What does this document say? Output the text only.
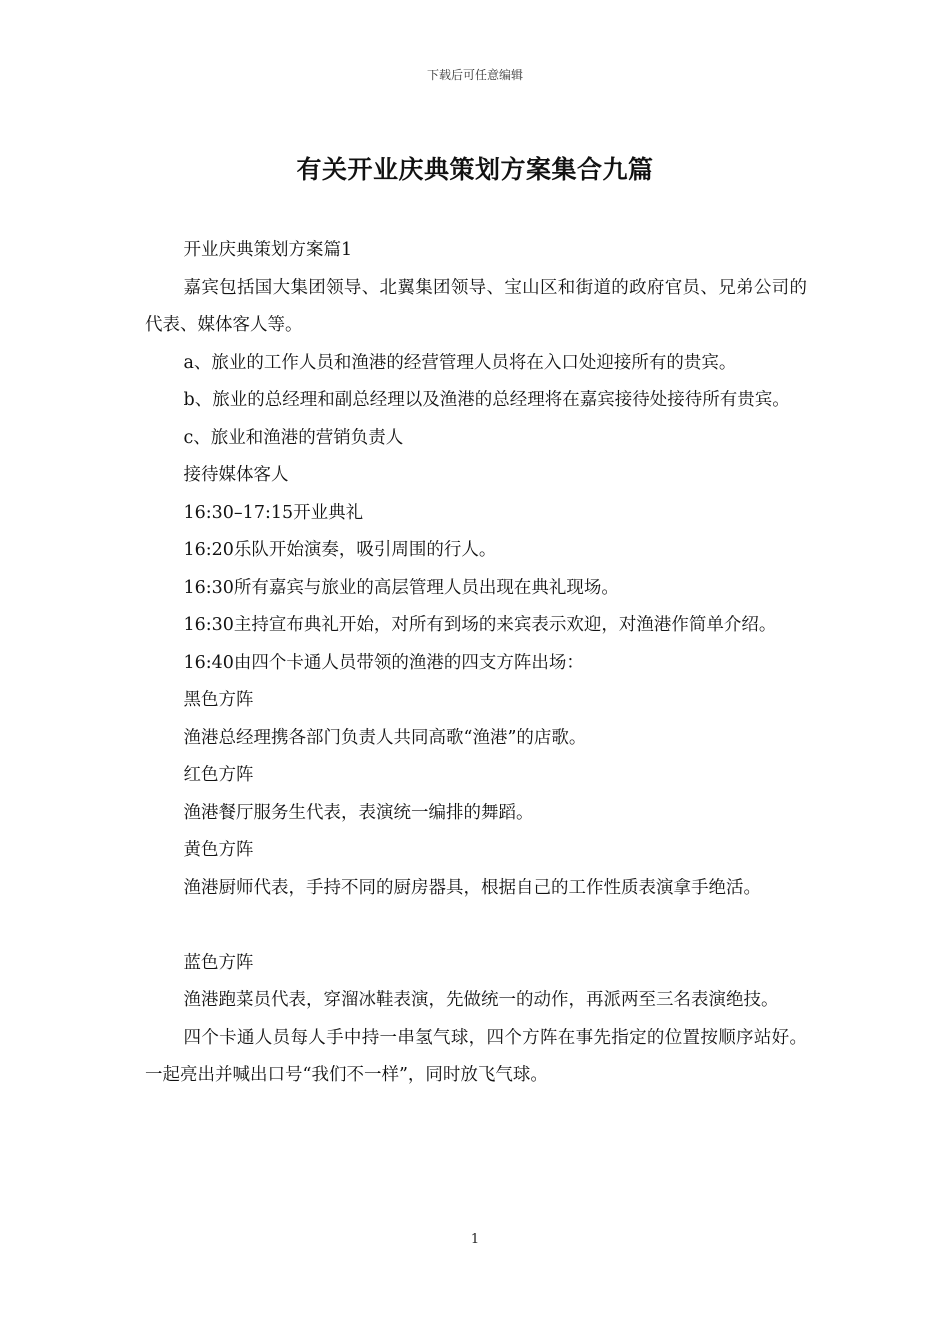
下载后可任意编辑
有关开业庆典策划方案集合九篇

开业庆典策划方案篇1

嘉宾包括国大集团领导、北翼集团领导、宝山区和街道的政府官员、兄弟公司的代表、媒体客人等。

a、旅业的工作人员和渔港的经营管理人员将在入口处迎接所有的贵宾。

b、旅业的总经理和副总经理以及渔港的总经理将在嘉宾接待处接待所有贵宾。

c、旅业和渔港的营销负责人

接待媒体客人

16:30–17:15开业典礼

16:20乐队开始演奏，吸引周围的行人。

16:30所有嘉宾与旅业的高层管理人员出现在典礼现场。

16:30主持宣布典礼开始，对所有到场的来宾表示欢迎，对渔港作简单介绍。

16:40由四个卡通人员带领的渔港的四支方阵出场：

黑色方阵

渔港总经理携各部门负责人共同高歌“渔港”的店歌。

红色方阵

渔港餐厅服务生代表，表演统一编排的舞蹈。

黄色方阵

渔港厨师代表，手持不同的厨房器具，根据自己的工作性质表演拿手绝活。

蓝色方阵

渔港跑菜员代表，穿溜冰鞋表演，先做统一的动作，再派两至三名表演绝技。

四个卡通人员每人手中持一串氢气球，四个方阵在事先指定的位置按顺序站好。一起亮出并喊出口号“我们不一样”，同时放飞气球。

1
